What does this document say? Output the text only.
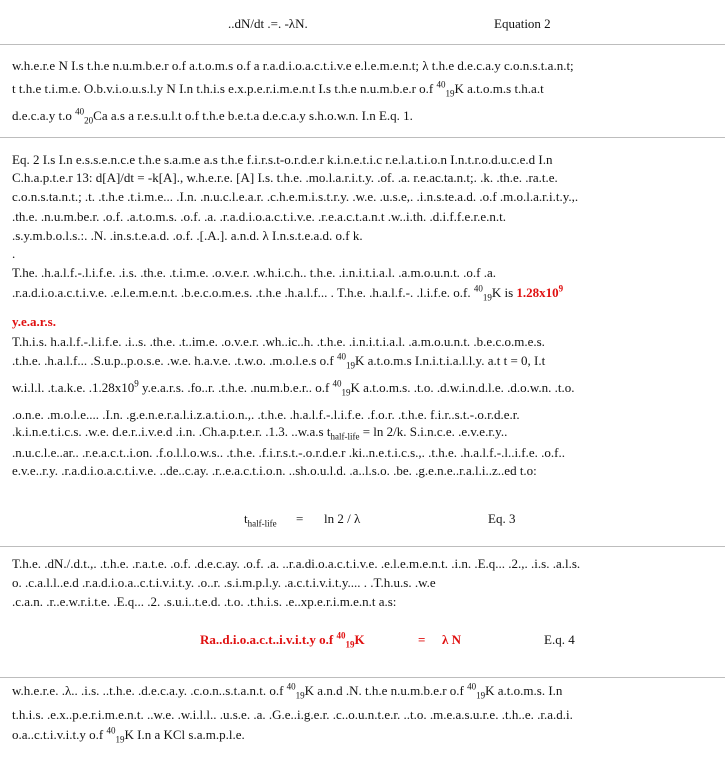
..dN/dt .=. -λN.	Equation 2
w.h.e.r.e N I.s t.h.e n.u.m.b.e.r o.f a.t.o.m.s o.f a r.a.d.i.o.a.c.t.i.v.e e.l.e.m.e.n.t; λ t.h.e d.e.c.a.y c.o.n.s.t.a.n.t;
t t.h.e t.i.m.e. O.b.v.i.o.u.s.l.y N I.n t.h.i.s e.x.p.e.r.i.m.e.n.t I.s t.h.e n.u.m.b.e.r o.f $^{40}_{19}$K a.t.o.m.s t.h.a.t
d.e.c.a.y t.o $^{40}_{20}$Ca a.s a r.e.s.u.l.t o.f t.h.e b.e.t.a d.e.c.a.y s.h.o.w.n. I.n E.q. 1.
Eq. 2 I.s I.n e.s.s.e.n.c.e t.h.e s.a.m.e a.s t.h.e f.i.r.s.t-o.r.d.e.r k.i.n.e.t.i.c r.e.l.a.t.i.o.n I.n.t.r.o.d.u.c.e.d I.n
C.h.a.p.t.e.r 13: d[A]/dt = -k[A]., w.h.e.r.e. [A] I.s. t.h.e. .mo.l.a.r.i.t.y. .of. .a. r.e.ac.ta.n.t;. .k. .th.e. .ra.t.e.
c.o.n.s.ta.n.t.; .t. .t.h.e .t.i.m.e... .I.n. .n.u.c.l.e.a.r. .c.h.e.m.i.s.t.r.y. .w.e. .u.s.e,. .i.n.s.te.a.d. .o.f .m.o.l.a.r.i.t.y.,.
.th.e. .n.u.m.be.r. .o.f. .a.t.o.m.s. .o.f. .a. .r.a.d.i.o.a.c.t.i.v.e. .r.e.a.c.t.a.n.t .w..i.th. .d.i.f.f.e.r.e.n.t.
.s.y.m.b.o.l.s.:. .N. .in.s.t.e.a.d. .o.f. .[.A.]. a.n.d. λ I.n.s.t.e.a.d. o.f k.
.
T.he. .h.a.l.f.-.l.i.f.e. .i.s. .th.e. .t.i.m.e. .o.v.e.r. .w.h.i.c.h.. t.h.e. .i.n.i.t.i.a.l. .a.m.o.u.n.t. .o.f .a.
.r.a.d.i.o.a.c.t.i.v.e. .e.l.e.m.e.n.t. .b.e.c.o.m.e.s. .t.h.e .h.a.l.f... . T.h.e. .h.a.l.f.-. .l.i.f.e. o.f. $^{40}_{19}$K is $1.28x10^9$
y.e.a.r.s.
T.h.i.s. h.a.l.f.-.l.i.f.e. .i..s. .th.e. .t..im.e. .o.v.e.r. .wh..ic..h. .t.h.e. .i.n.i.t.i.a.l. .a.m.o.u.n.t. .b.e.c.o.m.e.s.
.t.h.e. .h.a.l.f... .S.u.p..p.o.s.e. .w.e. h.a.v.e. .t.w.o. .m.o.l.e.s o.f $^{40}_{19}$K a.t.o.m.s I.n.i.t.i.a.l.l.y. a.t t = 0, I.t
w.i.l.l. .t.a.k.e. $.1.28x10^9$ y.e.a.r.s. .fo..r. .t.h.e. .nu.m.b.e.r.. o.f $^{40}_{19}$K a.t.o.m.s. .t.o. .d.w.i.n.d.l.e. .d.o.w.n. .t.o.
.o.n.e. .m.o.l.e.... .I.n. .g.e.n.e.r.a.l.i.z.a.t.i.o.n.,. .t.h.e. .h.a.l.f.-.l.i.f.e. .f.o.r. .t.h.e. f.i.r..s.t.-.o.r.d.e.r.
.k.i.n.e.t.i.c.s. .w.e. d.e.r..i.v.e.d .i.n. .Ch.a.p.t.e.r. .1.3. ..w.a.s $t_{half-life} = \ln 2/k$. S.i.n.c.e. .e.v.e.r.y..
.n.u.c.l.e..ar.. .r.e.a.c.t..i.on. .f.o.l.l.o.w.s.. .t.h.e. .f.i.r.s.t.-.o.r.d.e.r .ki..n.e.t.i.c.s.,. .t.h.e. .h.a.l.f.-.l..i.f.e. .o.f..
e.v.e..r.y. .r.a.d.i.o.a.c.t.i.v.e. ..de..c.ay. .r..e.a.c.t.i.o.n. ..sh.o.u.l.d. .a..l.s.o. .be. .g.e.n.e..r.a.l.i..z..ed t.o:
$t_{half-life} = \ln 2 / \lambda$	Eq. 3
T.h.e. .dN./.d.t.,. .t.h.e. .r.a.t.e. .o.f. .d.e.c.ay. .o.f. .a. ..r.a.di.o.a.c.t.i.v.e. .e.l.e.m.e.n.t. .i.n. .E.q... .2.,. .i.s. .a.l.s.
o. .c.a.l.l..e.d .r.a.d.i.o.a..c.t.i.v.i.t.y. .o..r. .s.i.m.p.l.y. .a.c.t.i.v.i.t.y.... . .T.h.u.s. .w.e
.c.a.n. .r..e.w.r.i.t.e. .E.q... .2. .s.u.i..t.e.d. .t.o. .t.h.i.s. .e..xp.e.r.i.m.e.n.t a.s:
Ra..d.i.o.a.c.t..i.v.i.t.y o.f $^{40}_{19}$K	= λ N	E.q. 4
w.h.e.r.e. .λ.. .i.s. ..t.h.e. .d.e.c.a.y. .c.o.n..s.t.a.n.t. o.f $^{40}_{19}$K a.n.d .N. t.h.e n.u.m.b.e.r o.f $^{40}_{19}$K a.t.o.m.s. I.n
t.h.i.s. .e.x..p.e.r.i.m.e.n.t. ..w.e. .w.i.l.l.. .u.s.e. .a. .G.e..i.g.e.r. .c..o.u.n.t.e.r. ..t.o. .m.e.a.s.u.r.e. .t.h..e. .r.a.d.i.
o.a..c.t.i.v.i.t.y o.f $^{40}_{19}$K I.n a KCl s.a.m.p.l.e.
